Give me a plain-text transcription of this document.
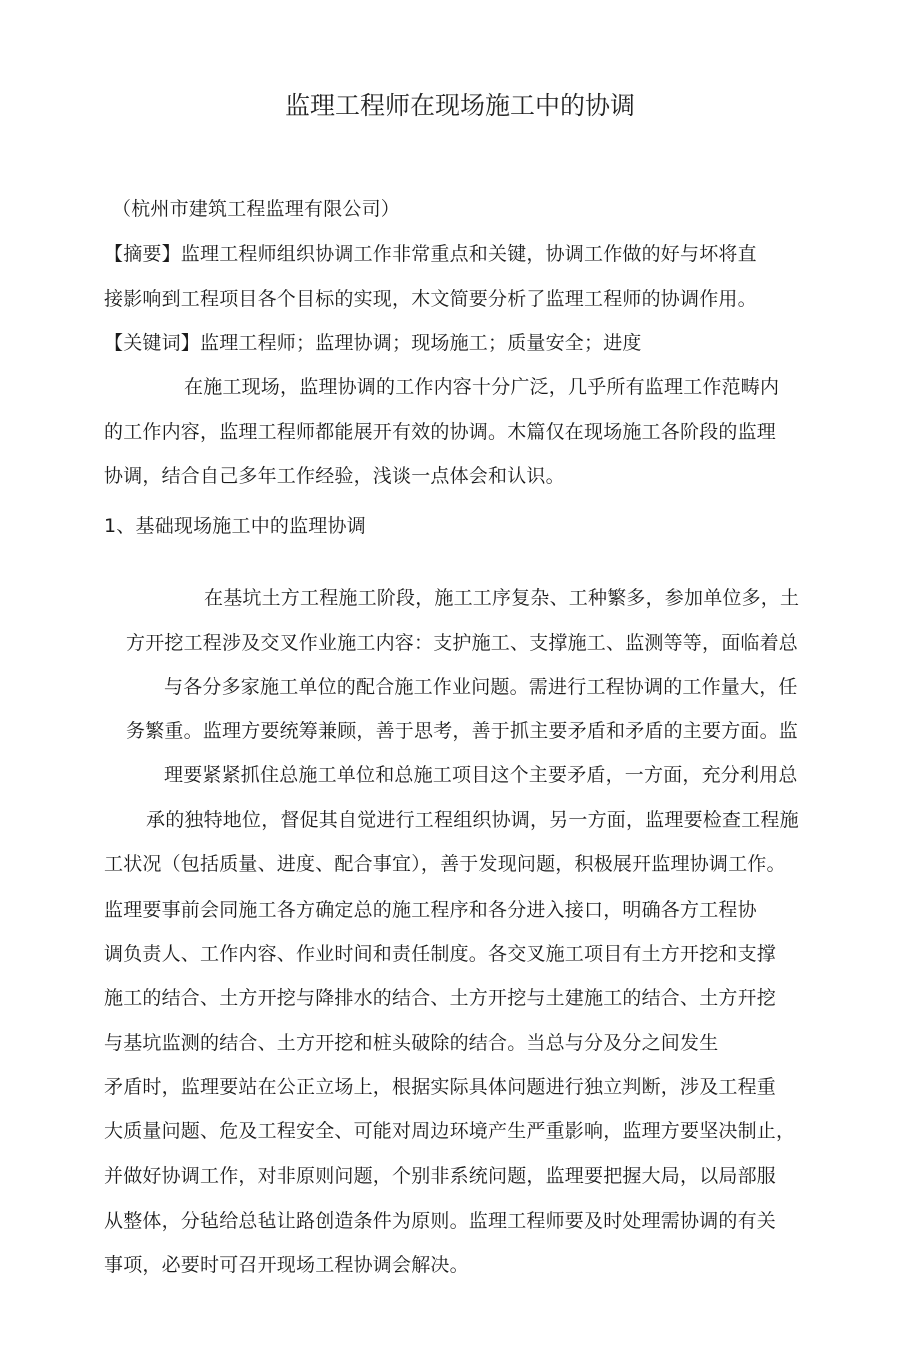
监理工程师在现场施工中的协调
（杭州市建筑工程监理有限公司）
【摘要】监理工程师组织协调工作非常重点和关键，协调工作做的好与坏将直
接影响到工程项目各个目标的实现，木文简要分析了监理工程师的协调作用。
【关键词】监理工程师；监理协调；现场施工；质量安全；进度
在施工现场，监理协调的工作内容十分广泛，几乎所有监理工作范畴内
的工作内容，监理工程师都能展开有效的协调。木篇仅在现场施工各阶段的监理
协调，结合自己多年工作经验，浅谈一点体会和认识。
1、基础现场施工中的监理协调
在基坑土方工程施工阶段，施工工序复杂、工种繁多，参加单位多，土
方开挖工程涉及交叉作业施工内容：支护施工、支撑施工、监测等等，面临着总
与各分多家施工单位的配合施工作业问题。需进行工程协调的工作量大，任
务繁重。监理方要统筹兼顾，善于思考，善于抓主要矛盾和矛盾的主要方面。监
理要紧紧抓住总施工单位和总施工项目这个主要矛盾，一方面，充分利用总
承的独特地位，督促其自觉进行工程组织协调，另一方面，监理要检查工程施
工状况（包括质量、进度、配合事宜），善于发现问题，积极展幵监理协调工作。
监理要事前会同施工各方确定总的施工程序和各分进入接口，明确各方工程协
调负责人、工作内容、作业时间和责任制度。各交叉施工项目有土方开挖和支撑
施工的结合、土方开挖与降排水的结合、土方开挖与土建施工的结合、土方幵挖
与基坑监测的结合、土方开挖和桩头破除的结合。当总与分及分之间发生
矛盾时，监理要站在公正立场上，根据实际具体问题进行独立判断，涉及工程重
大质量问题、危及工程安全、可能对周边环境产生严重影响，监理方要坚决制止，
并做好协调工作，对非原则问题，个别非系统问题，监理要把握大局，以局部服
从整体，分毡给总毡让路创造条件为原则。监理工程师要及时处理需协调的有关
事项，必要时可召开现场工程协调会解决。
